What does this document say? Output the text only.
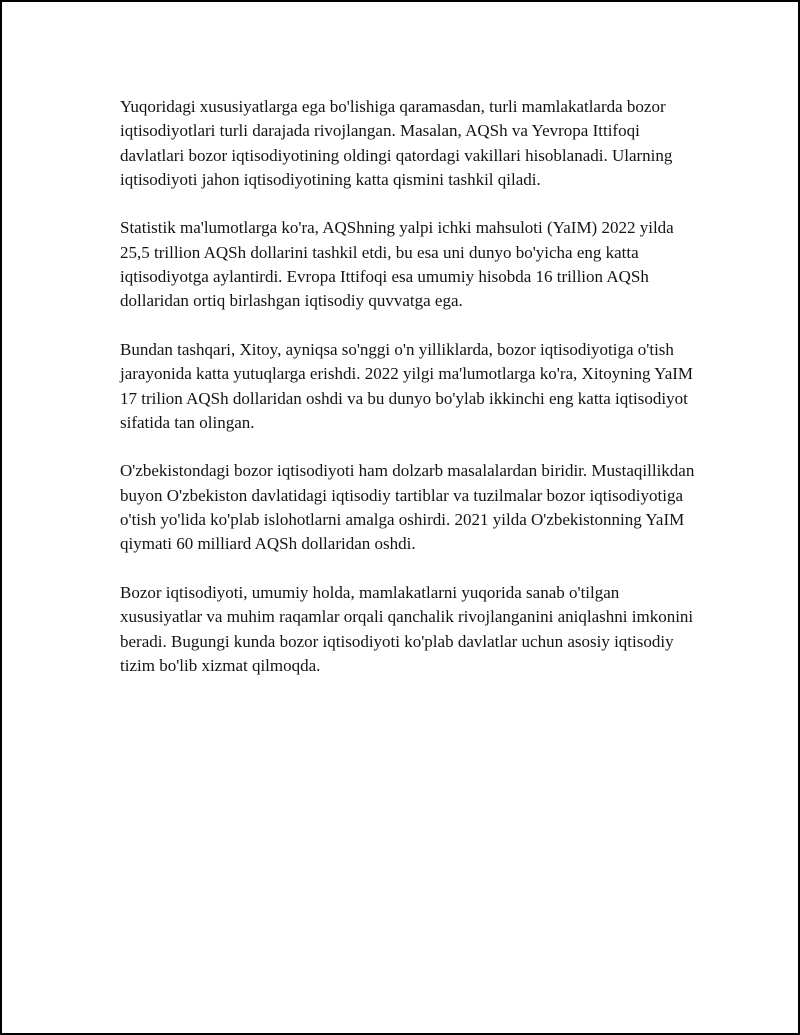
Yuqoridagi xususiyatlarga ega bo'lishiga qaramasdan, turli mamlakatlarda bozor iqtisodiyotlari turli darajada rivojlangan. Masalan, AQSh va Yevropa Ittifoqi davlatlari bozor iqtisodiyotining oldingi qatordagi vakillari hisoblanadi. Ularning iqtisodiyoti jahon iqtisodiyotining katta qismini tashkil qiladi.

Statistik ma'lumotlarga ko'ra, AQShning yalpi ichki mahsuloti (YaIM) 2022 yilda 25,5 trillion AQSh dollarini tashkil etdi, bu esa uni dunyo bo'yicha eng katta iqtisodiyotga aylantirdi. Evropa Ittifoqi esa umumiy hisobda 16 trillion AQSh dollaridan ortiq birlashgan iqtisodiy quvvatga ega.

Bundan tashqari, Xitoy, ayniqsa so'nggi o'n yilliklarda, bozor iqtisodiyotiga o'tish jarayonida katta yutuqlarga erishdi. 2022 yilgi ma'lumotlarga ko'ra, Xitoyning YaIM 17 trilion AQSh dollaridan oshdi va bu dunyo bo'ylab ikkinchi eng katta iqtisodiyot sifatida tan olingan.

O'zbekistondagi bozor iqtisodiyoti ham dolzarb masalalardan biridir. Mustaqillikdan buyon O'zbekiston davlatidagi iqtisodiy tartiblar va tuzilmalar bozor iqtisodiyotiga o'tish yo'lida ko'plab islohotlarni amalga oshirdi. 2021 yilda O'zbekistonning YaIM qiymati 60 milliard AQSh dollaridan oshdi.

Bozor iqtisodiyoti, umumiy holda, mamlakatlarni yuqorida sanab o'tilgan xususiyatlar va muhim raqamlar orqali qanchalik rivojlanganini aniqlashni imkonini beradi. Bugungi kunda bozor iqtisodiyoti ko'plab davlatlar uchun asosiy iqtisodiy tizim bo'lib xizmat qilmoqda.
